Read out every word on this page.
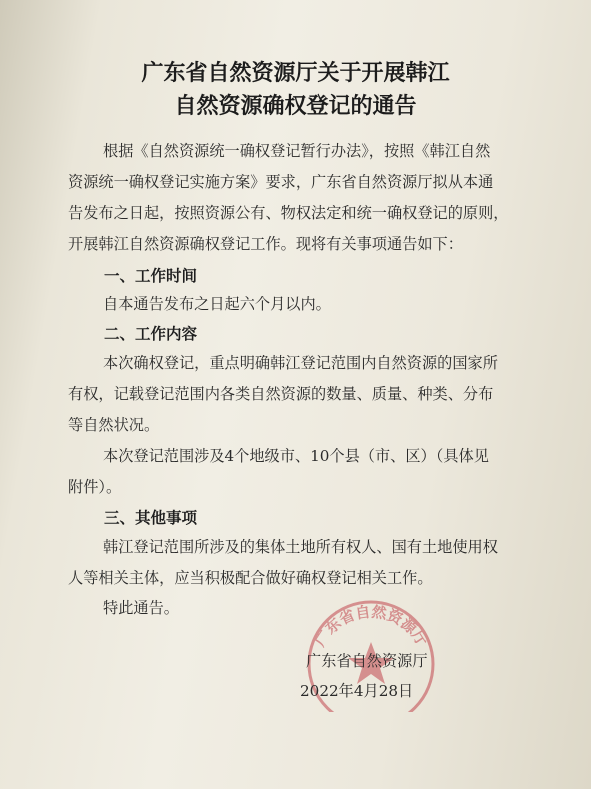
广东省自然资源厅关于开展韩江
自然资源确权登记的通告
根据《自然资源统一确权登记暂行办法》，按照《韩江自然
资源统一确权登记实施方案》要求，广东省自然资源厅拟从本通
告发布之日起，按照资源公有、物权法定和统一确权登记的原则，
开展韩江自然资源确权登记工作。现将有关事项通告如下：
一、工作时间
自本通告发布之日起六个月以内。
二、工作内容
本次确权登记，重点明确韩江登记范围内自然资源的国家所
有权，记载登记范围内各类自然资源的数量、质量、种类、分布
等自然状况。
本次登记范围涉及4个地级市、10个县（市、区）（具体见
附件）。
三、其他事项
韩江登记范围所涉及的集体土地所有权人、国有土地使用权
人等相关主体，应当积极配合做好确权登记相关工作。
特此通告。
广东省自然资源厅
广东省自然资源厅
2022年4月28日
